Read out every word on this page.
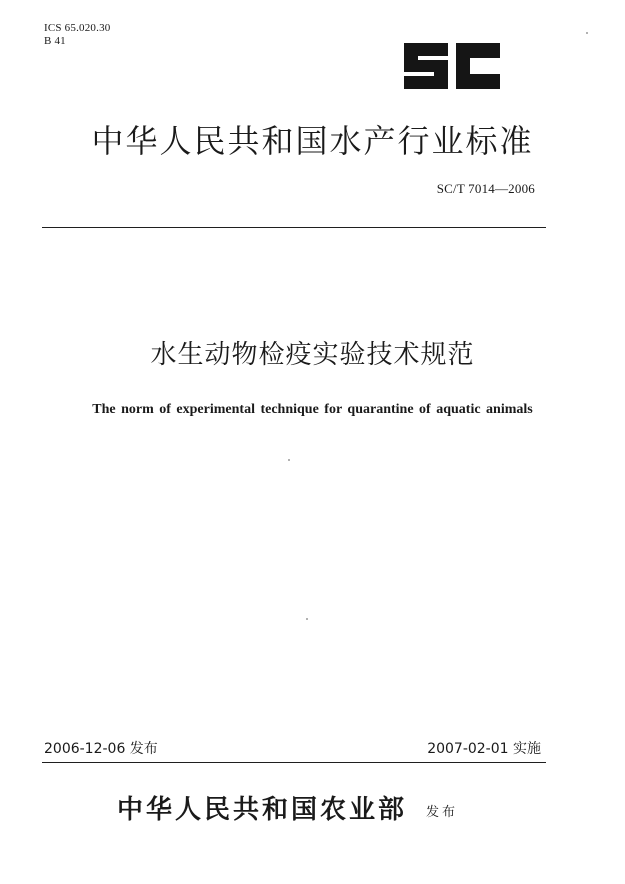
ICS 65.020.30
B 41
中华人民共和国水产行业标准
SC/T 7014—2006
水生动物检疫实验技术规范
The norm of experimental technique for quarantine of aquatic animals
2006-12-06 发布	2007-02-01 实施
中华人民共和国农业部 发布
